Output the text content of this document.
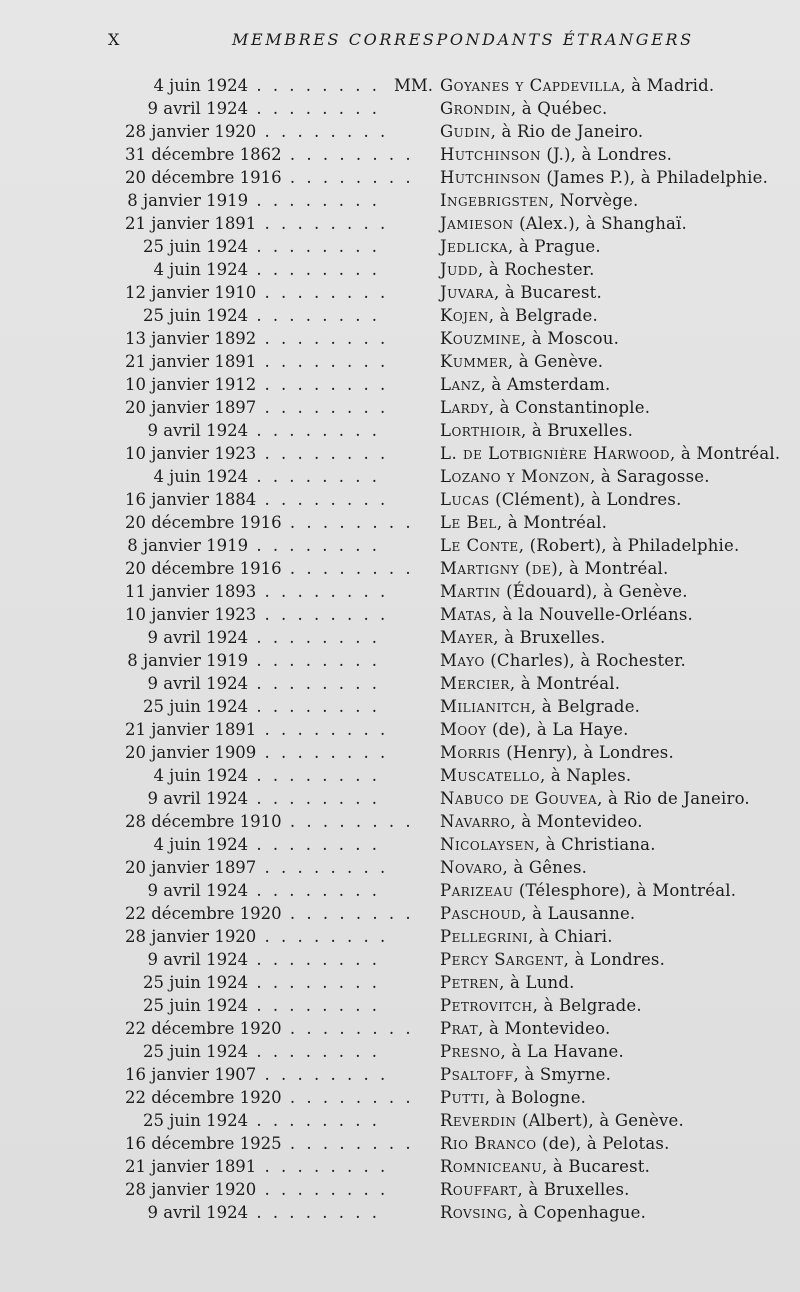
X	MEMBRES CORRESPONDANTS ÉTRANGERS
4 juin 1924 . . . . . . . . MM. Goyanes y Capdevilla, à Madrid.
9 avril 1924 . . . . . . . .	Grondin, à Québec.
28 janvier 1920 . . . . . . . .	Gudin, à Rio de Janeiro.
31 décembre 1862 . . . . . . . . Hutchinson (J.), à Londres.
20 décembre 1916 . . . . . . . . Hutchinson (James P.), à Philadelphie.
8 janvier 1919 . . . . . . . .	Ingebrigsten, Norvège.
21 janvier 1891 . . . . . . . .	Jamieson (Alex.), à Shanghaï.
25 juin 1924 . . . . . . . .	Jedlicka, à Prague.
4 juin 1924 . . . . . . . .	Judd, à Rochester.
12 janvier 1910 . . . . . . . .	Juvara, à Bucarest.
25 juin 1924 . . . . . . . .	Kojen, à Belgrade.
13 janvier 1892 . . . . . . . .	Kouzmine, à Moscou.
21 janvier 1891 . . . . . . . .	Kummer, à Genève.
10 janvier 1912 . . . . . . . .	Lanz, à Amsterdam.
20 janvier 1897 . . . . . . . .	Lardy, à Constantinople.
9 avril 1924 . . . . . . . .	Lorthioir, à Bruxelles.
10 janvier 1923 . . . . . . . .	L. de Lotbignière Harwood, à Montréal.
4 juin 1924 . . . . . . . .	Lozano y Monzon, à Saragosse.
16 janvier 1884 . . . . . . . .	Lucas (Clément), à Londres.
20 décembre 1916 . . . . . . . . Le Bel, à Montréal.
8 janvier 1919 . . . . . . . .	Le Conte, (Robert), à Philadelphie.
20 décembre 1916 . . . . . . . . Martigny (de), à Montréal.
11 janvier 1893 . . . . . . . .	Martin (Édouard), à Genève.
10 janvier 1923 . . . . . . . .	Matas, à la Nouvelle-Orléans.
9 avril 1924 . . . . . . . .	Mayer, à Bruxelles.
8 janvier 1919 . . . . . . . .	Mayo (Charles), à Rochester.
9 avril 1924 . . . . . . . .	Mercier, à Montréal.
25 juin 1924 . . . . . . . .	Milianitch, à Belgrade.
21 janvier 1891 . . . . . . . .	Mooy (de), à La Haye.
20 janvier 1909 . . . . . . . .	Morris (Henry), à Londres.
4 juin 1924 . . . . . . . .	Muscatello, à Naples.
9 avril 1924 . . . . . . . .	Nabuco de Gouvea, à Rio de Janeiro.
28 décembre 1910 . . . . . . . . Navarro, à Montevideo.
4 juin 1924 . . . . . . . .	Nicolaysen, à Christiana.
20 janvier 1897 . . . . . . . .	Novaro, à Gênes.
9 avril 1924 . . . . . . . .	Parizeau (Télesphore), à Montréal.
22 décembre 1920 . . . . . . . . Paschoud, à Lausanne.
28 janvier 1920 . . . . . . . .	Pellegrini, à Chiari.
9 avril 1924 . . . . . . . .	Percy Sargent, à Londres.
25 juin 1924 . . . . . . . .	Petren, à Lund.
25 juin 1924 . . . . . . . .	Petrovitch, à Belgrade.
22 décembre 1920 . . . . . . . . Prat, à Montevideo.
25 juin 1924 . . . . . . . .	Presno, à La Havane.
16 janvier 1907 . . . . . . . .	Psaltoff, à Smyrne.
22 décembre 1920 . . . . . . . . Putti, à Bologne.
25 juin 1924 . . . . . . . .	Reverdin (Albert), à Genève.
16 décembre 1925 . . . . . . . . Rio Branco (de), à Pelotas.
21 janvier 1891 . . . . . . . .	Romniceanu, à Bucarest.
28 janvier 1920 . . . . . . . .	Rouffart, à Bruxelles.
9 avril 1924 . . . . . . . .	Rovsing, à Copenhague.
